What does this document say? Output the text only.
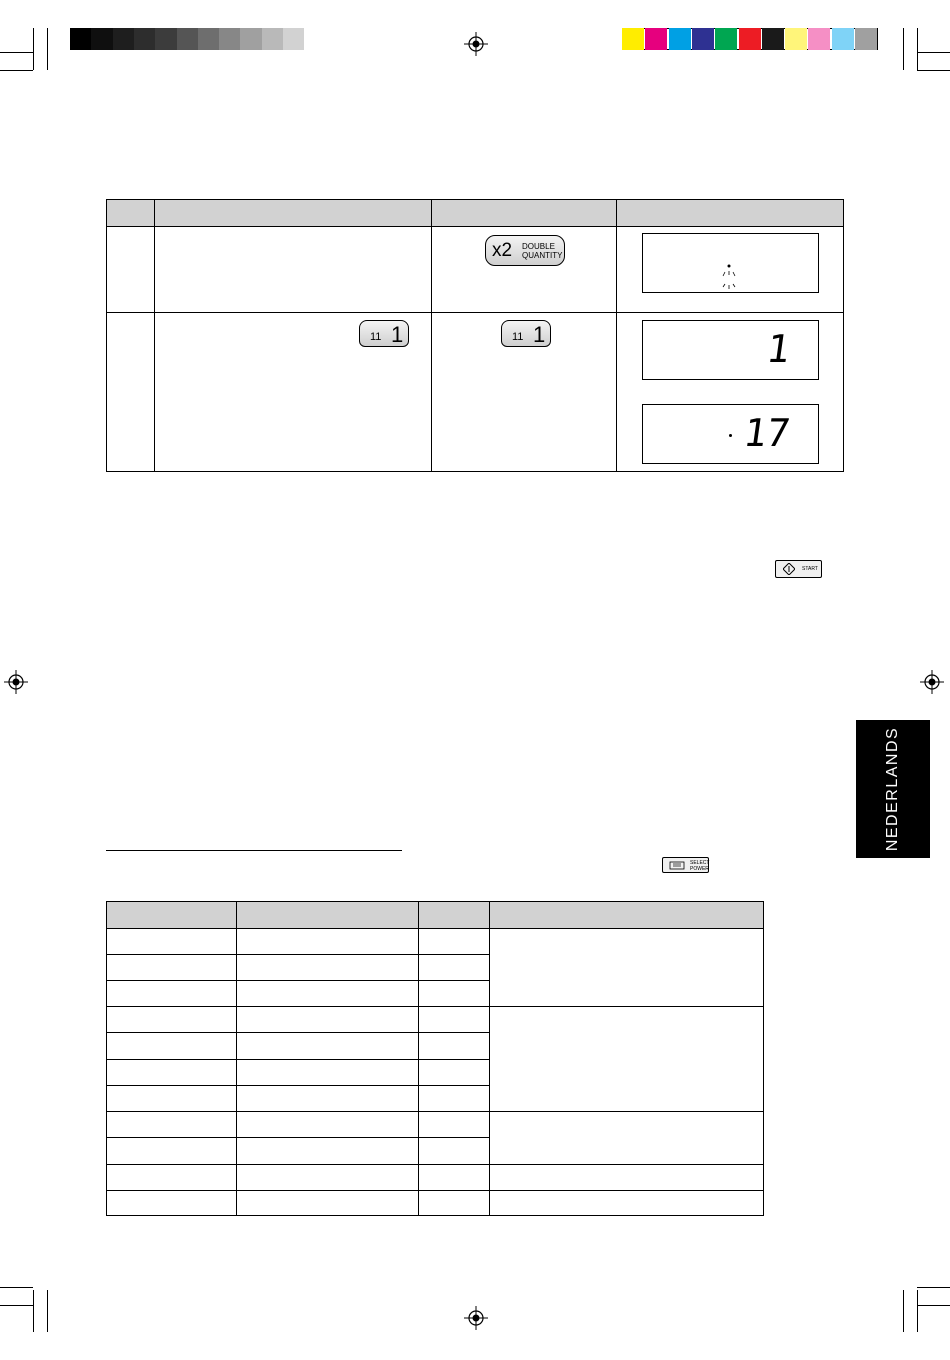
x2 DOUBLE
QUANTITY
11 1	11 1	1
17
START
SELECT
POWER
NEDERLANDS
